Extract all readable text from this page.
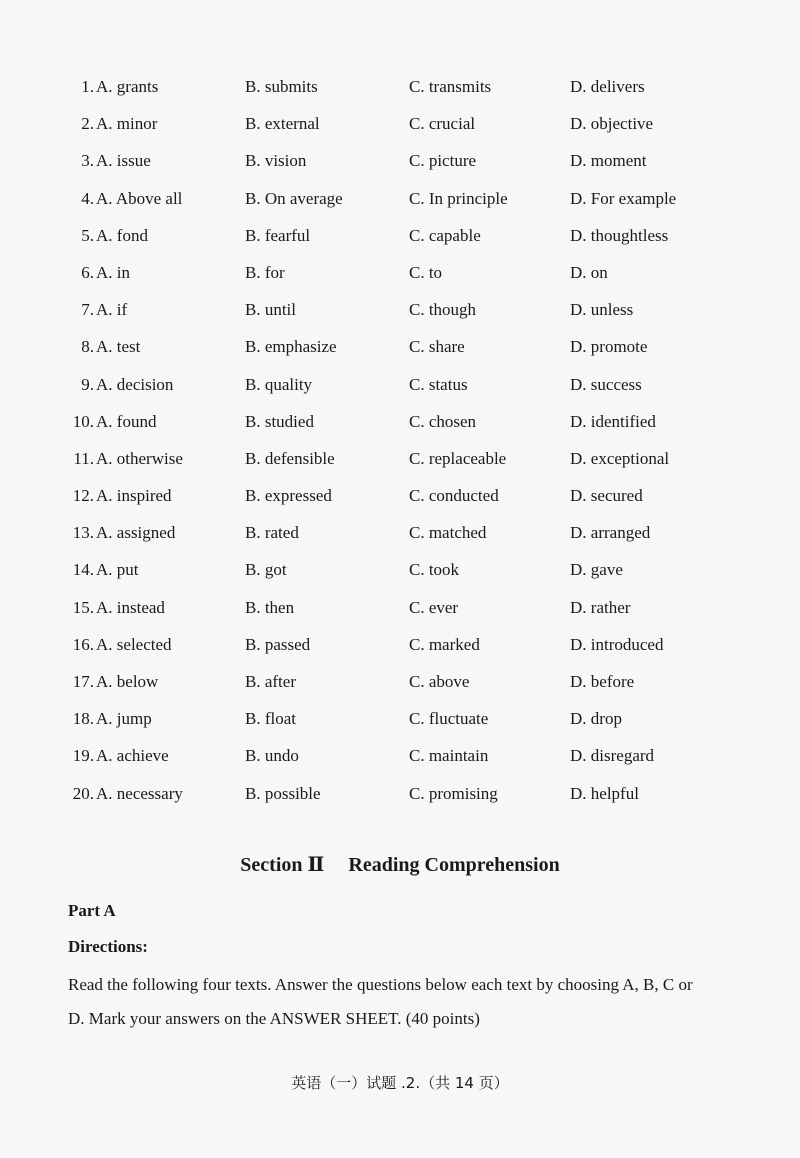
1. A. grants	B. submits	C. transmits	D. delivers
2. A. minor	B. external	C. crucial	D. objective
3. A. issue	B. vision	C. picture	D. moment
4. A. Above all	B. On average	C. In principle	D. For example
5. A. fond	B. fearful	C. capable	D. thoughtless
6. A. in	B. for	C. to	D. on
7. A. if	B. until	C. though	D. unless
8. A. test	B. emphasize	C. share	D. promote
9. A. decision	B. quality	C. status	D. success
10. A. found	B. studied	C. chosen	D. identified
11. A. otherwise	B. defensible	C. replaceable	D. exceptional
12. A. inspired	B. expressed	C. conducted	D. secured
13. A. assigned	B. rated	C. matched	D. arranged
14. A. put	B. got	C. took	D. gave
15. A. instead	B. then	C. ever	D. rather
16. A. selected	B. passed	C. marked	D. introduced
17. A. below	B. after	C. above	D. before
18. A. jump	B. float	C. fluctuate	D. drop
19. A. achieve	B. undo	C. maintain	D. disregard
20. A. necessary	B. possible	C. promising	D. helpful
Section Ⅱ Reading Comprehension
Part A
Directions:
Read the following four texts. Answer the questions below each text by choosing A, B, C or D. Mark your answers on the ANSWER SHEET. (40 points)
英语（一）试题 .2.（共 14 页）
